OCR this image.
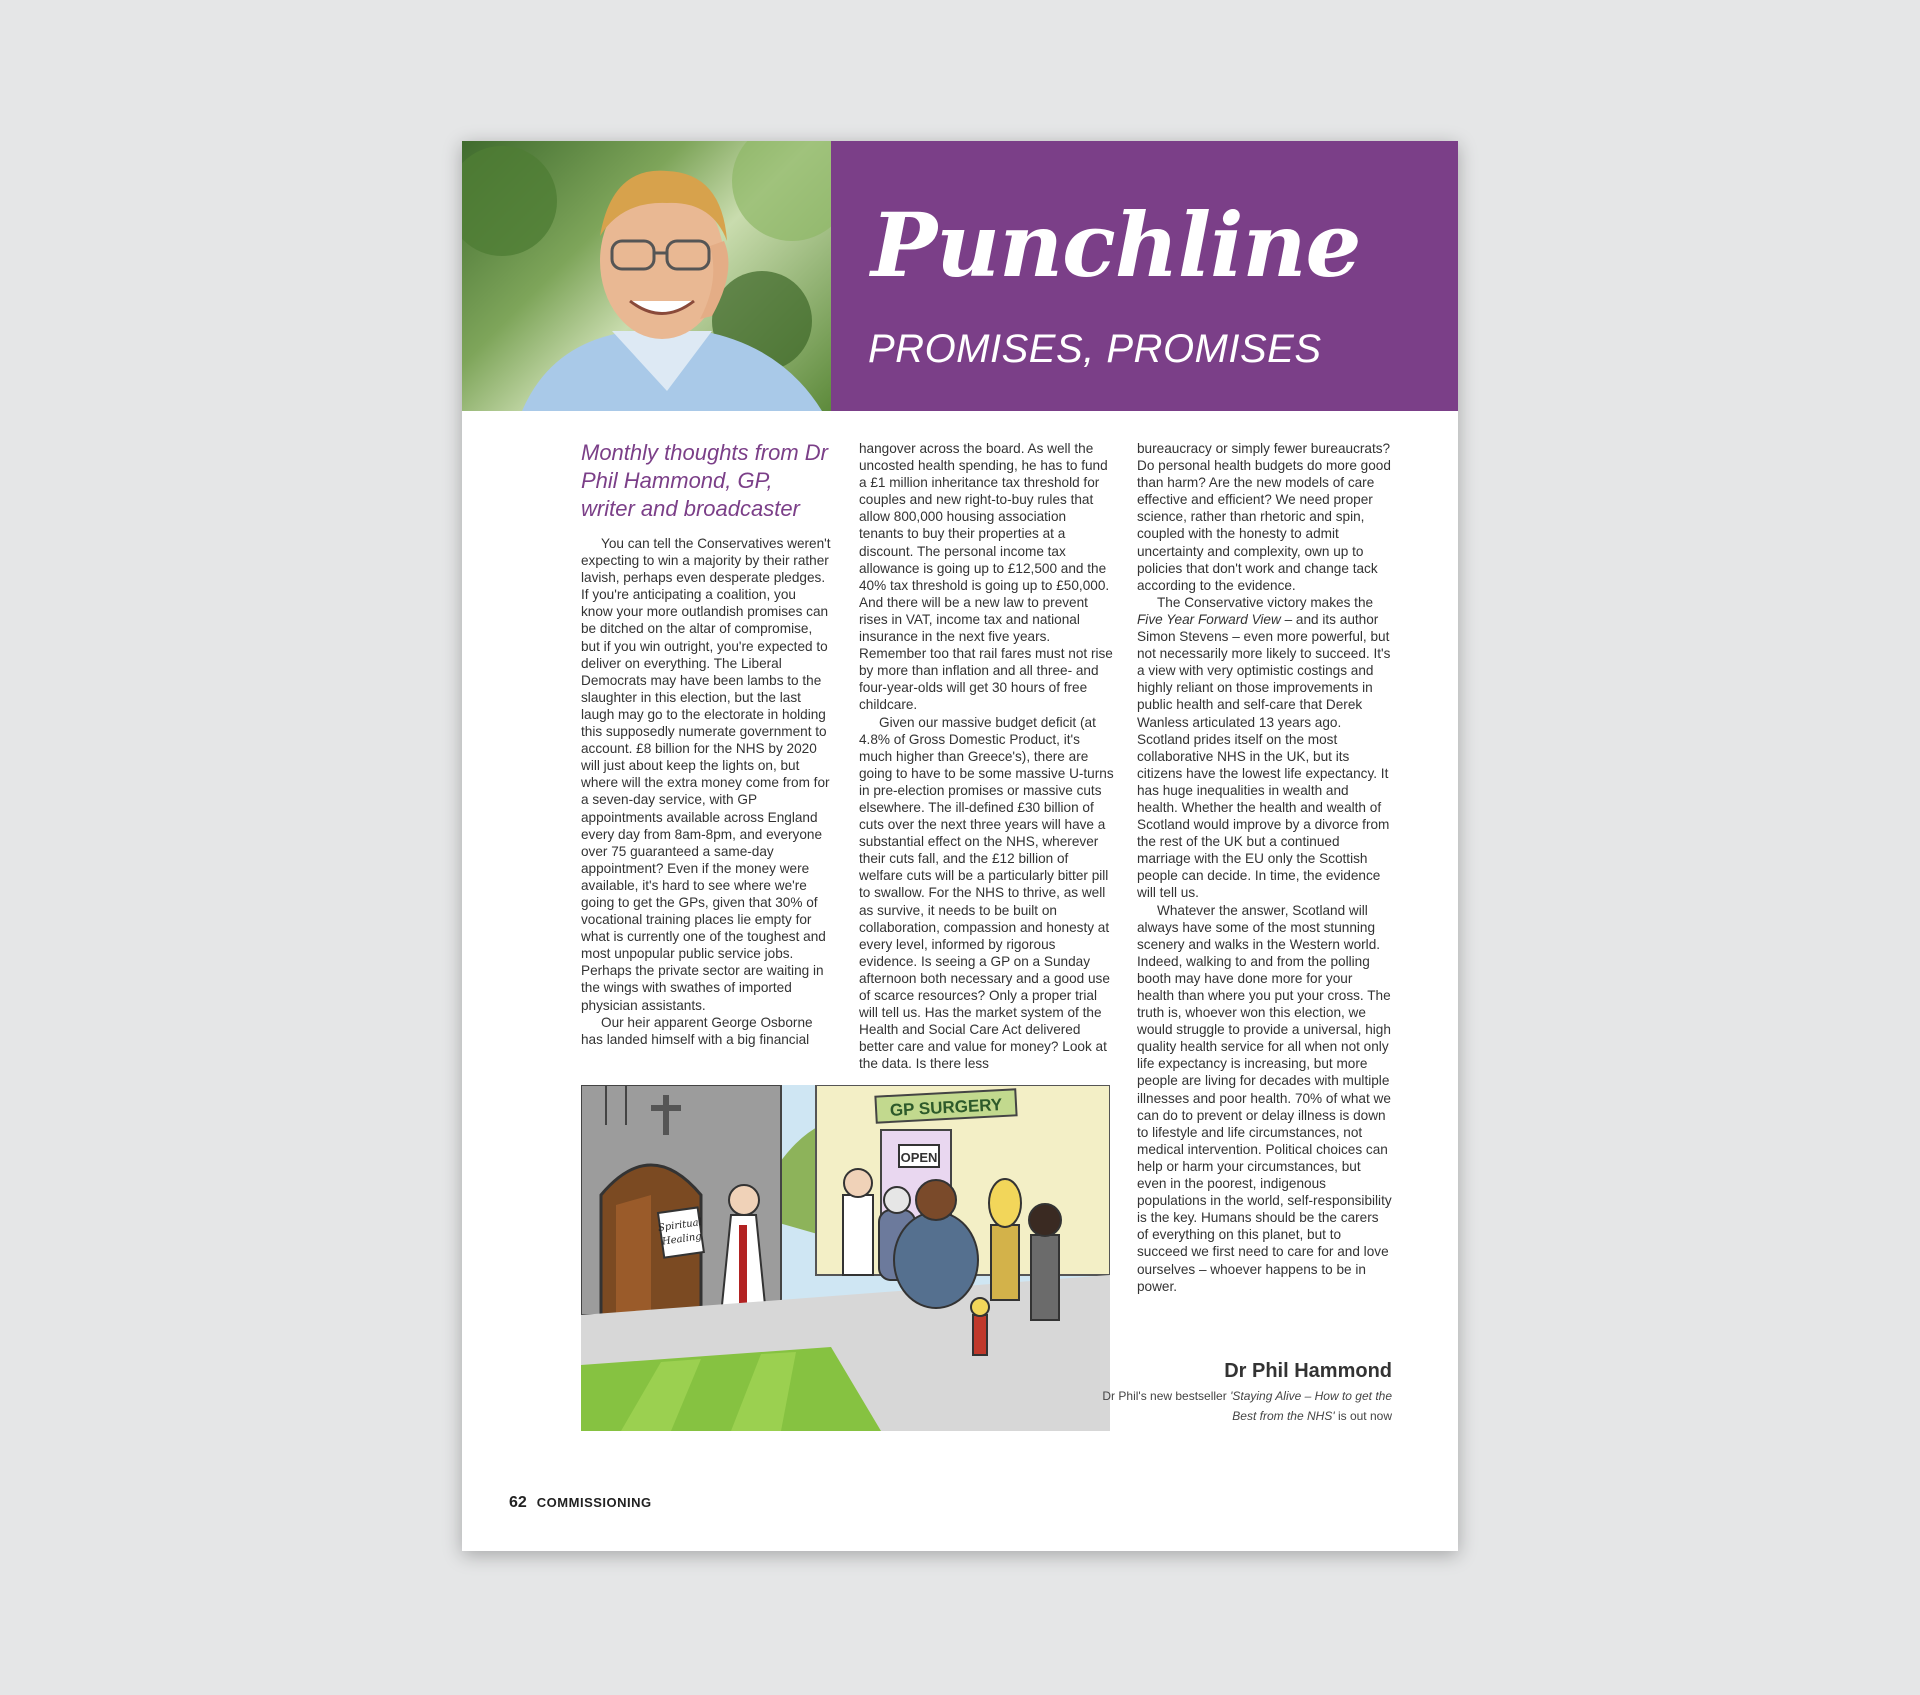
Punchline
PROMISES, PROMISES

Monthly thoughts from Dr Phil Hammond, GP, writer and broadcaster

You can tell the Conservatives weren't expecting to win a majority by their rather lavish, perhaps even desperate pledges. If you're anticipating a coalition, you know your more outlandish promises can be ditched on the altar of compromise, but if you win outright, you're expected to deliver on everything. The Liberal Democrats may have been lambs to the slaughter in this election, but the last laugh may go to the electorate in holding this supposedly numerate government to account. £8 billion for the NHS by 2020 will just about keep the lights on, but where will the extra money come from for a seven-day service, with GP appointments available across England every day from 8am-8pm, and everyone over 75 guaranteed a same-day appointment? Even if the money were available, it's hard to see where we're going to get the GPs, given that 30% of vocational training places lie empty for what is currently one of the toughest and most unpopular public service jobs. Perhaps the private sector are waiting in the wings with swathes of imported physician assistants.

Our heir apparent George Osborne has landed himself with a big financial

hangover across the board. As well the uncosted health spending, he has to fund a £1 million inheritance tax threshold for couples and new right-to-buy rules that allow 800,000 housing association tenants to buy their properties at a discount. The personal income tax allowance is going up to £12,500 and the 40% tax threshold is going up to £50,000. And there will be a new law to prevent rises in VAT, income tax and national insurance in the next five years. Remember too that rail fares must not rise by more than inflation and all three- and four-year-olds will get 30 hours of free childcare.

Given our massive budget deficit (at 4.8% of Gross Domestic Product, it's much higher than Greece's), there are going to have to be some massive U-turns in pre-election promises or massive cuts elsewhere. The ill-defined £30 billion of cuts over the next three years will have a substantial effect on the NHS, wherever their cuts fall, and the £12 billion of welfare cuts will be a particularly bitter pill to swallow. For the NHS to thrive, as well as survive, it needs to be built on collaboration, compassion and honesty at every level, informed by rigorous evidence. Is seeing a GP on a Sunday afternoon both necessary and a good use of scarce resources? Only a proper trial will tell us. Has the market system of the Health and Social Care Act delivered better care and value for money? Look at the data. Is there less

bureaucracy or simply fewer bureaucrats? Do personal health budgets do more good than harm? Are the new models of care effective and efficient? We need proper science, rather than rhetoric and spin, coupled with the honesty to admit uncertainty and complexity, own up to policies that don't work and change tack according to the evidence.

The Conservative victory makes the Five Year Forward View – and its author Simon Stevens – even more powerful, but not necessarily more likely to succeed. It's a view with very optimistic costings and highly reliant on those improvements in public health and self-care that Derek Wanless articulated 13 years ago. Scotland prides itself on the most collaborative NHS in the UK, but its citizens have the lowest life expectancy. It has huge inequalities in wealth and health. Whether the health and wealth of Scotland would improve by a divorce from the rest of the UK but a continued marriage with the EU only the Scottish people can decide. In time, the evidence will tell us.

Whatever the answer, Scotland will always have some of the most stunning scenery and walks in the Western world. Indeed, walking to and from the polling booth may have done more for your health than where you put your cross. The truth is, whoever won this election, we would struggle to provide a universal, high quality health service for all when not only life expectancy is increasing, but more people are living for decades with multiple illnesses and poor health. 70% of what we can do to prevent or delay illness is down to lifestyle and life circumstances, not medical intervention. Political choices can help or harm your circumstances, but even in the poorest, indigenous populations in the world, self-responsibility is the key. Humans should be the carers of everything on this planet, but to succeed we first need to care for and love ourselves – whoever happens to be in power.

GP SURGERY
OPEN
Spiritual
Healing
Dr Phil Hammond
Dr Phil's new bestseller 'Staying Alive – How to get the Best from the NHS' is out now
62 COMMISSIONING
